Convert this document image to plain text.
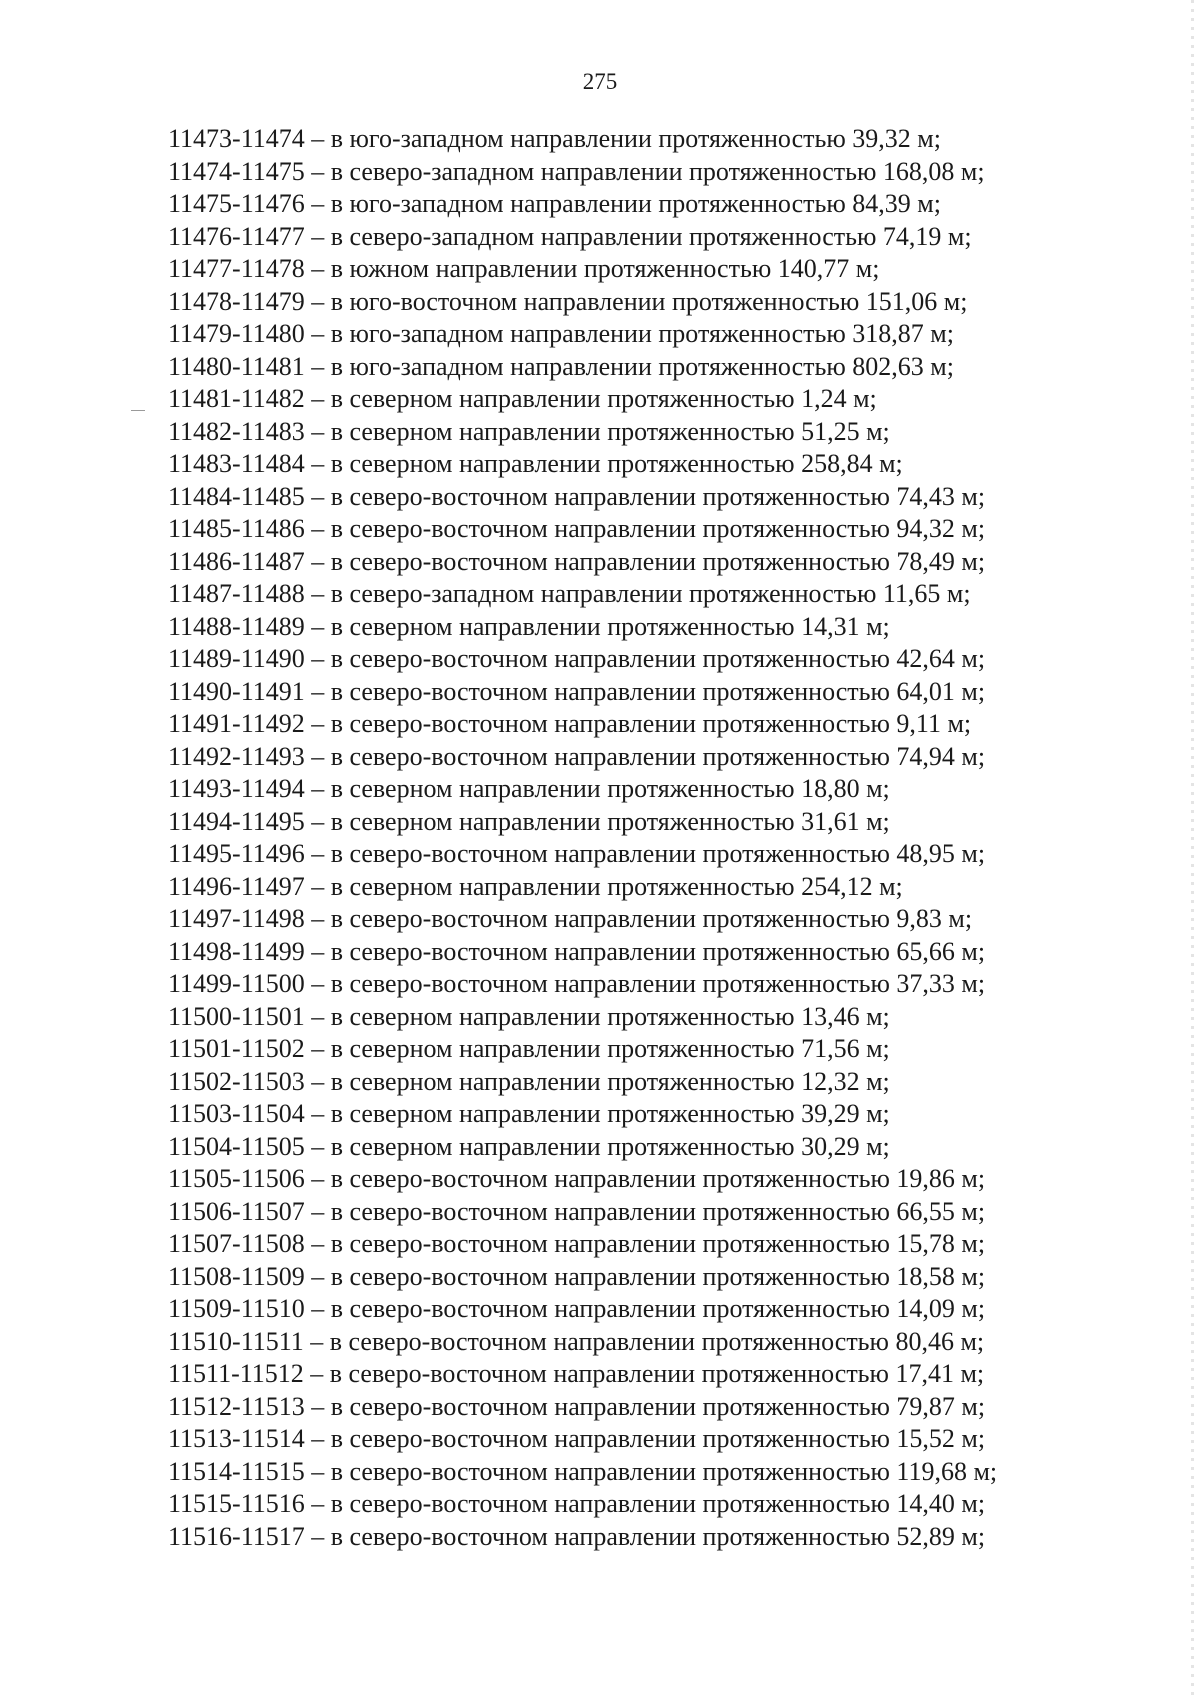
275
11473-11474 – в юго-западном направлении протяженностью 39,32 м;
11474-11475 – в северо-западном направлении протяженностью 168,08 м;
11475-11476 – в юго-западном направлении протяженностью 84,39 м;
11476-11477 – в северо-западном направлении протяженностью 74,19 м;
11477-11478 – в южном направлении протяженностью 140,77 м;
11478-11479 – в юго-восточном направлении протяженностью 151,06 м;
11479-11480 – в юго-западном направлении протяженностью 318,87 м;
11480-11481 – в юго-западном направлении протяженностью 802,63 м;
11481-11482 – в северном направлении протяженностью 1,24 м;
11482-11483 – в северном направлении протяженностью 51,25 м;
11483-11484 – в северном направлении протяженностью 258,84 м;
11484-11485 – в северо-восточном направлении протяженностью 74,43 м;
11485-11486 – в северо-восточном направлении протяженностью 94,32 м;
11486-11487 – в северо-восточном направлении протяженностью 78,49 м;
11487-11488 – в северо-западном направлении протяженностью 11,65 м;
11488-11489 – в северном направлении протяженностью 14,31 м;
11489-11490 – в северо-восточном направлении протяженностью 42,64 м;
11490-11491 – в северо-восточном направлении протяженностью 64,01 м;
11491-11492 – в северо-восточном направлении протяженностью 9,11 м;
11492-11493 – в северо-восточном направлении протяженностью 74,94 м;
11493-11494 – в северном направлении протяженностью 18,80 м;
11494-11495 – в северном направлении протяженностью 31,61 м;
11495-11496 – в северо-восточном направлении протяженностью 48,95 м;
11496-11497 – в северном направлении протяженностью 254,12 м;
11497-11498 – в северо-восточном направлении протяженностью 9,83 м;
11498-11499 – в северо-восточном направлении протяженностью 65,66 м;
11499-11500 – в северо-восточном направлении протяженностью 37,33 м;
11500-11501 – в северном направлении протяженностью 13,46 м;
11501-11502 – в северном направлении протяженностью 71,56 м;
11502-11503 – в северном направлении протяженностью 12,32 м;
11503-11504 – в северном направлении протяженностью 39,29 м;
11504-11505 – в северном направлении протяженностью 30,29 м;
11505-11506 – в северо-восточном направлении протяженностью 19,86 м;
11506-11507 – в северо-восточном направлении протяженностью 66,55 м;
11507-11508 – в северо-восточном направлении протяженностью 15,78 м;
11508-11509 – в северо-восточном направлении протяженностью 18,58 м;
11509-11510 – в северо-восточном направлении протяженностью 14,09 м;
11510-11511 – в северо-восточном направлении протяженностью 80,46 м;
11511-11512 – в северо-восточном направлении протяженностью 17,41 м;
11512-11513 – в северо-восточном направлении протяженностью 79,87 м;
11513-11514 – в северо-восточном направлении протяженностью 15,52 м;
11514-11515 – в северо-восточном направлении протяженностью 119,68 м;
11515-11516 – в северо-восточном направлении протяженностью 14,40 м;
11516-11517 – в северо-восточном направлении протяженностью 52,89 м;
